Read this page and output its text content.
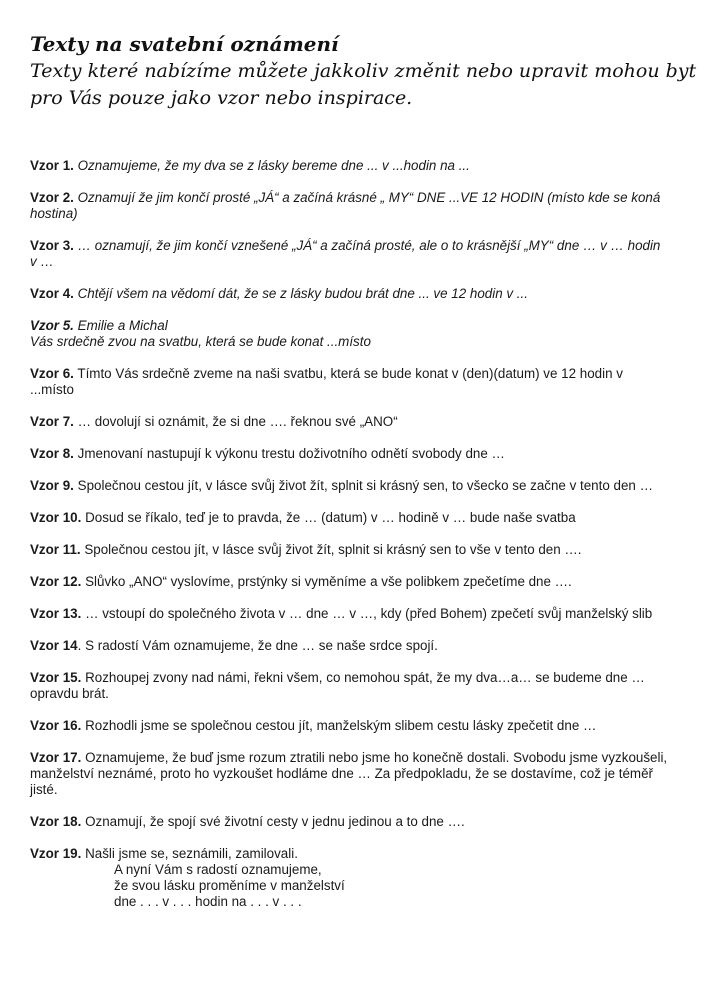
Texty na svatební oznámení

Texty které nabízíme můžete jakkoliv změnit nebo upravit mohou byt

pro Vás pouze jako vzor nebo inspirace.

Vzor 1. Oznamujeme, že my dva se z lásky bereme dne ... v ...hodin na ...

Vzor 2. Oznamují že jim končí prosté „JÁ“ a začíná krásné „ MY“ DNE ...VE 12 HODIN (místo kde se koná hostina)

Vzor 3. … oznamují, že jim končí vznešené „JÁ“ a začíná prosté, ale o to krásnější „MY“ dne … v … hodin v …

Vzor 4. Chtějí všem na vědomí dát, že se z lásky budou brát dne ... ve 12 hodin v ...

Vzor 5. Emilie a Michal
Vás srdečně zvou na svatbu, která se bude konat ...místo

Vzor 6. Tímto Vás srdečně zveme na naši svatbu, která se bude konat v (den)(datum) ve 12 hodin v ...místo

Vzor 7. … dovolují si oznámit, že si dne …. řeknou své „ANO“

Vzor 8. Jmenovaní nastupují k výkonu trestu doživotního odnětí svobody dne …

Vzor 9. Společnou cestou jít, v lásce svůj život žít, splnit si krásný sen, to všecko se začne v tento den …

Vzor 10. Dosud se říkalo, teď je to pravda, že … (datum) v … hodině v … bude naše svatba

Vzor 11. Společnou cestou jít, v lásce svůj život žít, splnit si krásný sen to vše v tento den ….

Vzor 12. Slůvko „ANO“ vyslovíme, prstýnky si vyměníme a vše polibkem zpečetíme dne ….

Vzor 13. … vstoupí do společného života v … dne … v …, kdy (před Bohem) zpečetí svůj manželský slib

Vzor 14. S radostí Vám oznamujeme, že dne … se naše srdce spojí.

Vzor 15. Rozhoupej zvony nad námi, řekni všem, co nemohou spát, že my dva…a… se budeme dne … opravdu brát.

Vzor 16. Rozhodli jsme se společnou cestou jít, manželským slibem cestu lásky zpečetit dne …

Vzor 17. Oznamujeme, že buď jsme rozum ztratili nebo jsme ho konečně dostali. Svobodu jsme vyzkoušeli, manželství neznámé, proto ho vyzkoušet hodláme dne … Za předpokladu, že se dostavíme, což je téměř jisté.

Vzor 18. Oznamují, že spojí své životní cesty v jednu jedinou a to dne ….

Vzor 19. Našli jsme se, seznámili, zamilovali.
A nyní Vám s radostí oznamujeme,
že svou lásku proměníme v manželství
dne . . . v . . . hodin na . . . v . . .
